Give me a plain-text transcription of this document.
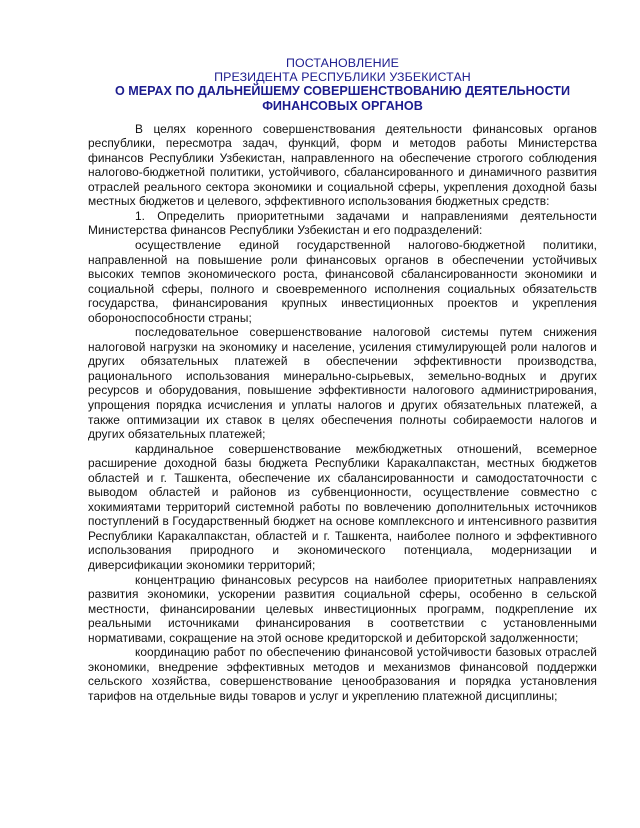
ПОСТАНОВЛЕНИЕ
ПРЕЗИДЕНТА РЕСПУБЛИКИ УЗБЕКИСТАН
О МЕРАХ ПО ДАЛЬНЕЙШЕМУ СОВЕРШЕНСТВОВАНИЮ ДЕЯТЕЛЬНОСТИ
ФИНАНСОВЫХ ОРГАНОВ

В целях коренного совершенствования деятельности финансовых органов республики, пересмотра задач, функций, форм и методов работы Министерства финансов Республики Узбекистан, направленного на обеспечение строгого соблюдения налогово-бюджетной политики, устойчивого, сбалансированного и динамичного развития отраслей реального сектора экономики и социальной сферы, укрепления доходной базы местных бюджетов и целевого, эффективного использования бюджетных средств:

1. Определить приоритетными задачами и направлениями деятельности Министерства финансов Республики Узбекистан и его подразделений:

осуществление единой государственной налогово-бюджетной политики, направленной на повышение роли финансовых органов в обеспечении устойчивых высоких темпов экономического роста, финансовой сбалансированности экономики и социальной сферы, полного и своевременного исполнения социальных обязательств государства, финансирования крупных инвестиционных проектов и укрепления обороноспособности страны;

последовательное совершенствование налоговой системы путем снижения налоговой нагрузки на экономику и население, усиления стимулирующей роли налогов и других обязательных платежей в обеспечении эффективности производства, рационального использования минерально-сырьевых, земельно-водных и других ресурсов и оборудования, повышение эффективности налогового администрирования, упрощения порядка исчисления и уплаты налогов и других обязательных платежей, а также оптимизации их ставок в целях обеспечения полноты собираемости налогов и других обязательных платежей;

кардинальное совершенствование межбюджетных отношений, всемерное расширение доходной базы бюджета Республики Каракалпакстан, местных бюджетов областей и г. Ташкента, обеспечение их сбалансированности и самодостаточности с выводом областей и районов из субвенционности, осуществление совместно с хокимиятами территорий системной работы по вовлечению дополнительных источников поступлений в Государственный бюджет на основе комплексного и интенсивного развития Республики Каракалпакстан, областей и г. Ташкента, наиболее полного и эффективного использования природного и экономического потенциала, модернизации и диверсификации экономики территорий;

концентрацию финансовых ресурсов на наиболее приоритетных направлениях развития экономики, ускорении развития социальной сферы, особенно в сельской местности, финансировании целевых инвестиционных программ, подкрепление их реальными источниками финансирования в соответствии с установленными нормативами, сокращение на этой основе кредиторской и дебиторской задолженности;

координацию работ по обеспечению финансовой устойчивости базовых отраслей экономики, внедрение эффективных методов и механизмов финансовой поддержки сельского хозяйства, совершенствование ценообразования и порядка установления тарифов на отдельные виды товаров и услуг и укреплению платежной дисциплины;
